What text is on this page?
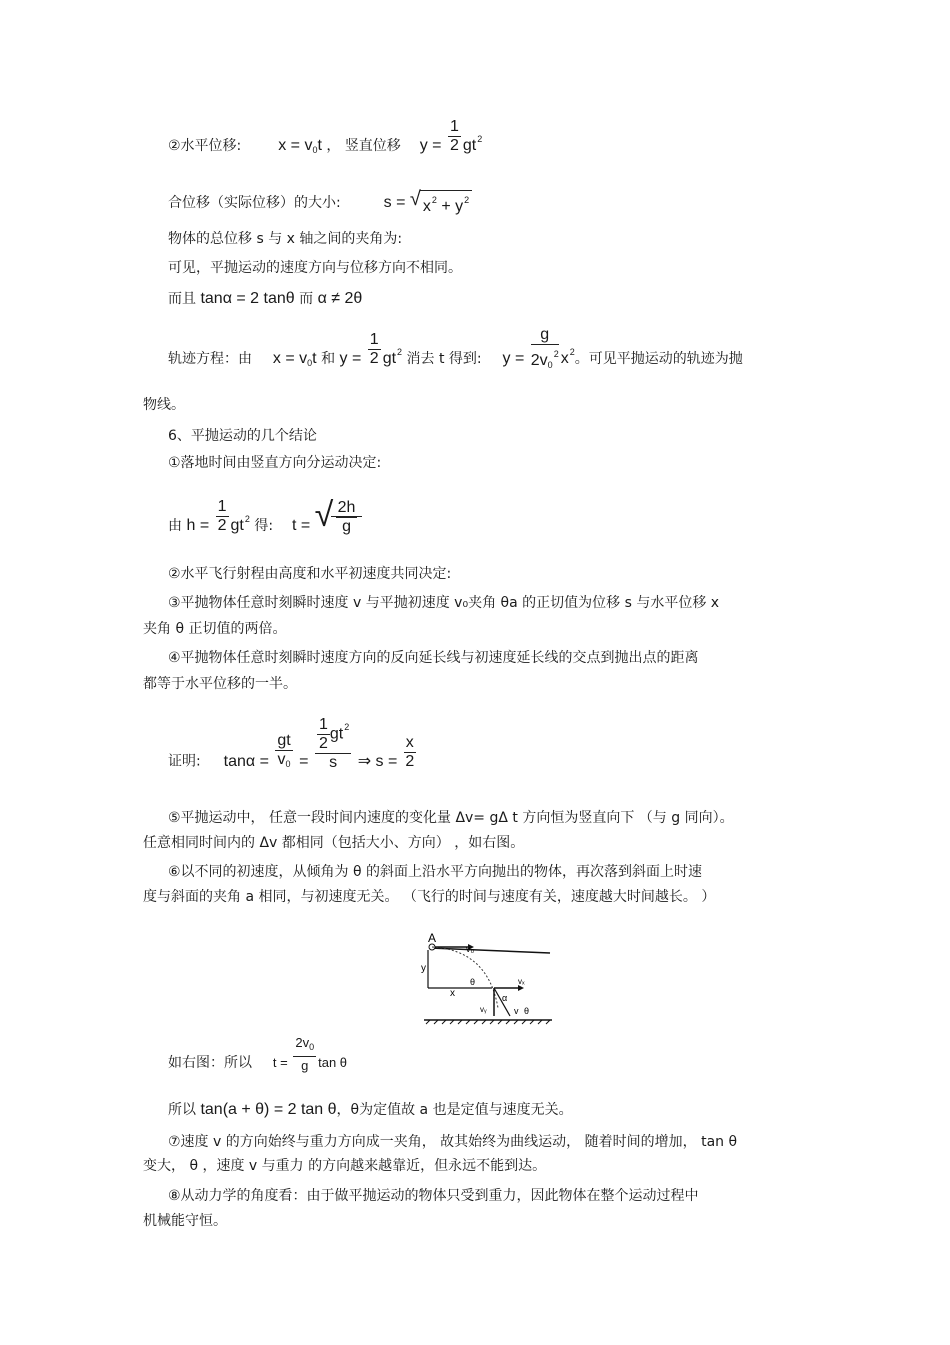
②水平位移: $x = v_0t$ ， 竖直位移 $y = \frac{1}{2} gt^2$
合位移（实际位移）的大小:	s = √ $x^2 + y^2$
物体的总位移 s 与 x 轴之间的夹角为:
可见，平抛运动的速度方向与位移方向不相同。
而且 tanα = 2 tanθ 而 α ≠ 2θ
轨迹方程：由 $x = v_0t$ 和 $y = \frac{1}{2} gt^2$ 消去 t 得到: $y = \frac{g}{2v_0^2} x^2$。可见平抛运动的轨迹为抛
物线。
6、平抛运动的几个结论
①落地时间由竖直方向分运动决定:
由 $h = \frac{1}{2} gt^2$ 得: t = √ $\frac{2h}{g}$
②水平飞行射程由高度和水平初速度共同决定:
③平抛物体任意时刻瞬时速度 v 与平抛初速度 v₀夹角 θa 的正切值为位移 s 与水平位移 x
夹角 θ 正切值的两倍。
④平抛物体任意时刻瞬时速度方向的反向延长线与初速度延长线的交点到抛出点的距离
都等于水平位移的一半。
证明: $\tan\alpha = \frac{gt}{v_0} = \frac{\frac{1}{2} gt^2}{s}$ ⇒ $s = \frac{x}{2}$
⑤平抛运动中， 任意一段时间内速度的变化量 Δv= gΔ t 方向恒为竖直向下 （与 g 同向）。
任意相同时间内的 Δv 都相同（包括大小、方向） ，如右图。
⑥以不同的初速度，从倾角为 θ 的斜面上沿水平方向抛出的物体，再次落到斜面上时速
度与斜面的夹角 a 相同，与初速度无关。 （飞行的时间与速度有关，速度越大时间越长。 ）
A
v₀
y
x
θ	vₓ
α
vᵧ	v θ
如右图：所以 $t = \frac{2v_0}{g}$ tan θ
所以 tan(a + θ) = 2 tan θ，θ为定值故 a 也是定值与速度无关。
⑦速度 v 的方向始终与重力方向成一夹角， 故其始终为曲线运动， 随着时间的增加， tan θ
变大， θ ，速度 v 与重力 的方向越来越靠近，但永远不能到达。
⑧从动力学的角度看：由于做平抛运动的物体只受到重力，因此物体在整个运动过程中
机械能守恒。
